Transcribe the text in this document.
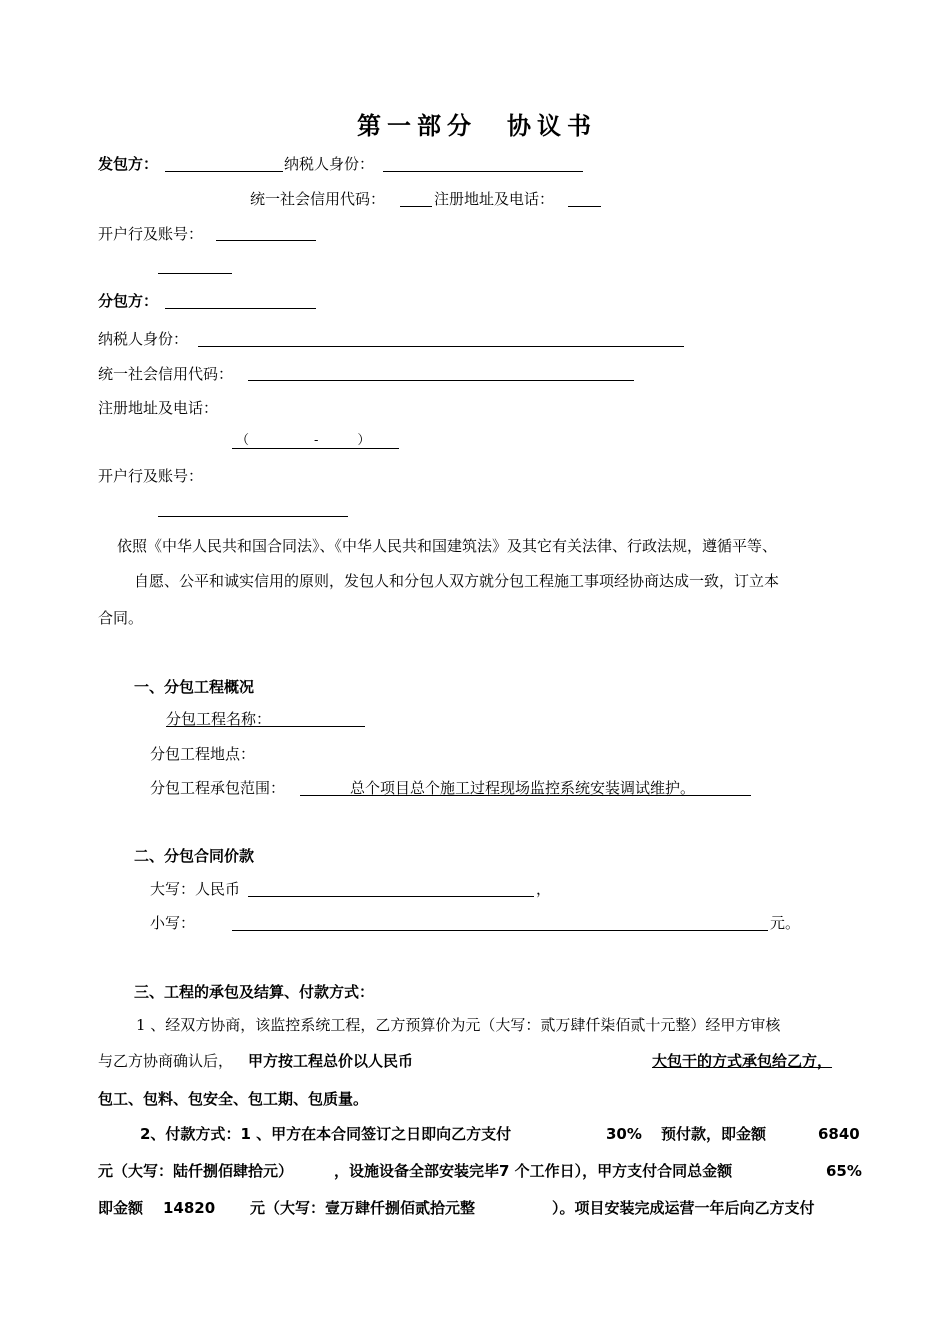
第一部分　协议书
发包方：	纳税人身份：
统一社会信用代码：	注册地址及电话：
开户行及账号：
分包方：
纳税人身份：
统一社会信用代码：
注册地址及电话：
（　　　　　-　　　）
开户行及账号：
依照《中华人民共和国合同法》、《中华人民共和国建筑法》及其它有关法律、行政法规，遵循平等、
自愿、公平和诚实信用的原则，发包人和分包人双方就分包工程施工事项经协商达成一致，订立本
合同。
一、分包工程概况
分包工程名称：
分包工程地点：
分包工程承包范围：	总个项目总个施工过程现场监控系统安装调试维护。
二、分包合同价款
大写：人民币	，
小写：	元。
三、工程的承包及结算、付款方式：
1 、经双方协商，该监控系统工程，乙方预算价为元（大写：贰万肆仟柒佰贰十元整）经甲方审核
与乙方协商确认后， 甲方按工程总价以人民币	大包干的方式承包给乙方，
包工、包料、包安全、包工期、包质量。
2、付款方式：1 、甲方在本合同签订之日即向乙方支付	30% 预付款，即金额	6840
元（大写：陆仟捌佰肆拾元）	，设施设备全部安装完毕7 个工作日），甲方支付合同总金额	65%
即金额 14820 元（大写：壹万肆仟捌佰贰拾元整	）。项目安装完成运营一年后向乙方支付
